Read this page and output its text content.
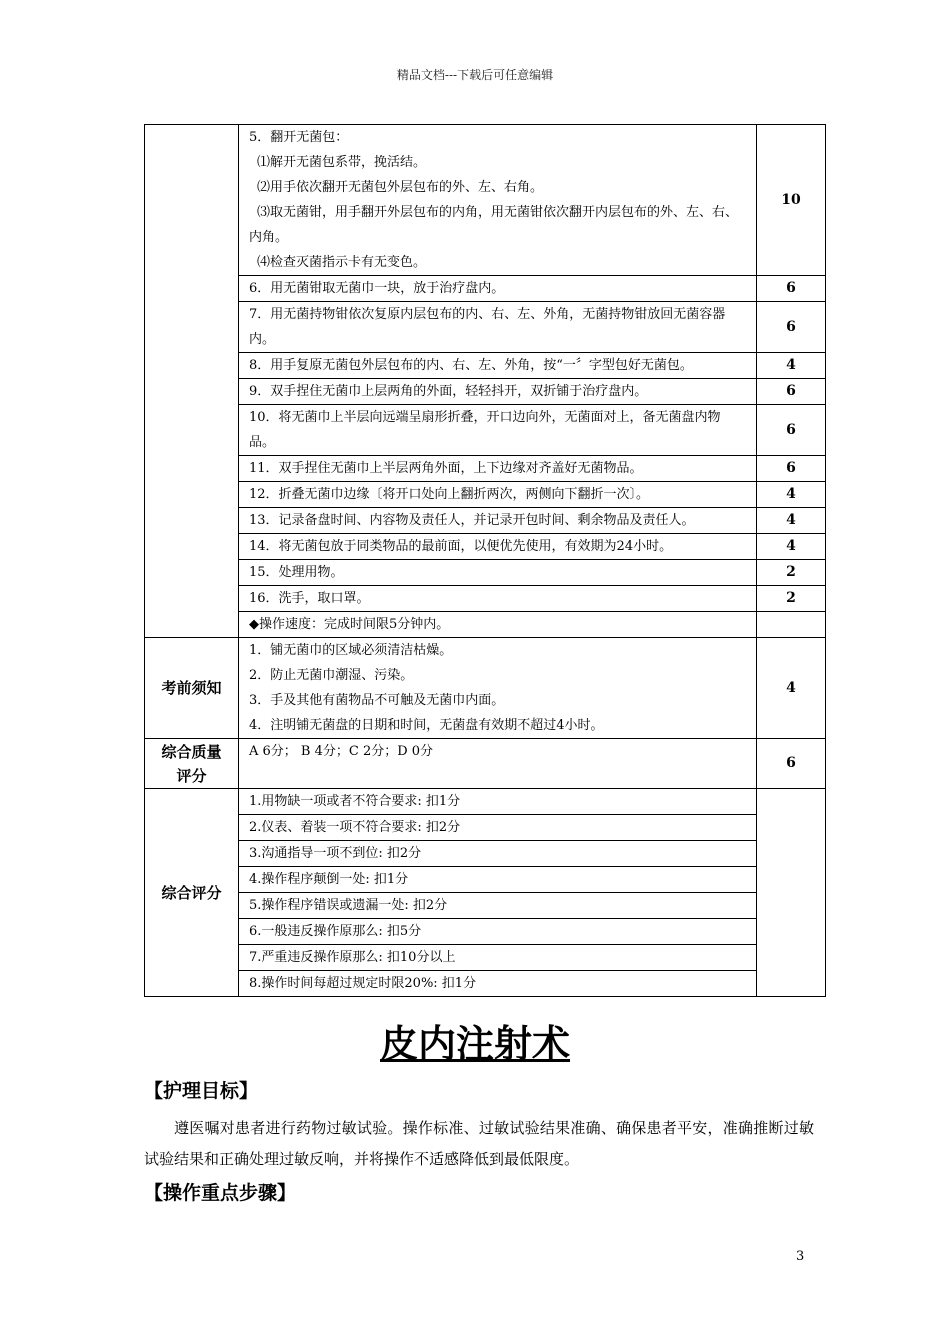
精品文档---下载后可任意编辑

	5．翻开无菌包：
⑴解开无菌包系带，挽活结。
⑵用手依次翻开无菌包外层包布的外、左、右角。
⑶取无菌钳，用手翻开外层包布的内角，用无菌钳依次翻开内层包布的外、左、右、内角。
⑷检查灭菌指示卡有无变色。	10
	6．用无菌钳取无菌巾一块，放于治疗盘内。	6
	7．用无菌持物钳依次复原内层包布的内、右、左、外角，无菌持物钳放回无菌容器内。	6
	8．用手复原无菌包外层包布的内、右、左、外角，按“一〞字型包好无菌包。	4
	9．双手捏住无菌巾上层两角的外面，轻轻抖开，双折铺于治疗盘内。	6
	10．将无菌巾上半层向远端呈扇形折叠，开口边向外，无菌面对上，备无菌盘内物品。	6
	11．双手捏住无菌巾上半层两角外面，上下边缘对齐盖好无菌物品。	6
	12．折叠无菌巾边缘〔将开口处向上翻折两次，两侧向下翻折一次〕。	4
	13．记录备盘时间、内容物及责任人，并记录开包时间、剩余物品及责任人。	4
	14．将无菌包放于同类物品的最前面，以便优先使用，有效期为24小时。	4
	15．处理用物。	2
	16．洗手，取口罩。	2
	◆操作速度：完成时间限5分钟内。	
考前须知	1．铺无菌巾的区域必须清洁枯燥。
2．防止无菌巾潮湿、污染。
3．手及其他有菌物品不可触及无菌巾内面。
4．注明铺无菌盘的日期和时间，无菌盘有效期不超过4小时。	4
综合质量评分	A 6分； B 4分；C 2分；D 0分	6
综合评分	1.用物缺一项或者不符合要求: 扣1分	
	2.仪表、着装一项不符合要求: 扣2分	
	3.沟通指导一项不到位: 扣2分	
	4.操作程序颠倒一处: 扣1分	
	5.操作程序错误或遗漏一处: 扣2分	
	6.一般违反操作原那么: 扣5分	
	7.严重违反操作原那么: 扣10分以上	
	8.操作时间每超过规定时限20%: 扣1分	
皮内注射术
【护理目标】
遵医嘱对患者进行药物过敏试验。操作标准、过敏试验结果准确、确保患者平安，准确推断过敏试验结果和正确处理过敏反响，并将操作不适感降低到最低限度。
【操作重点步骤】
3
